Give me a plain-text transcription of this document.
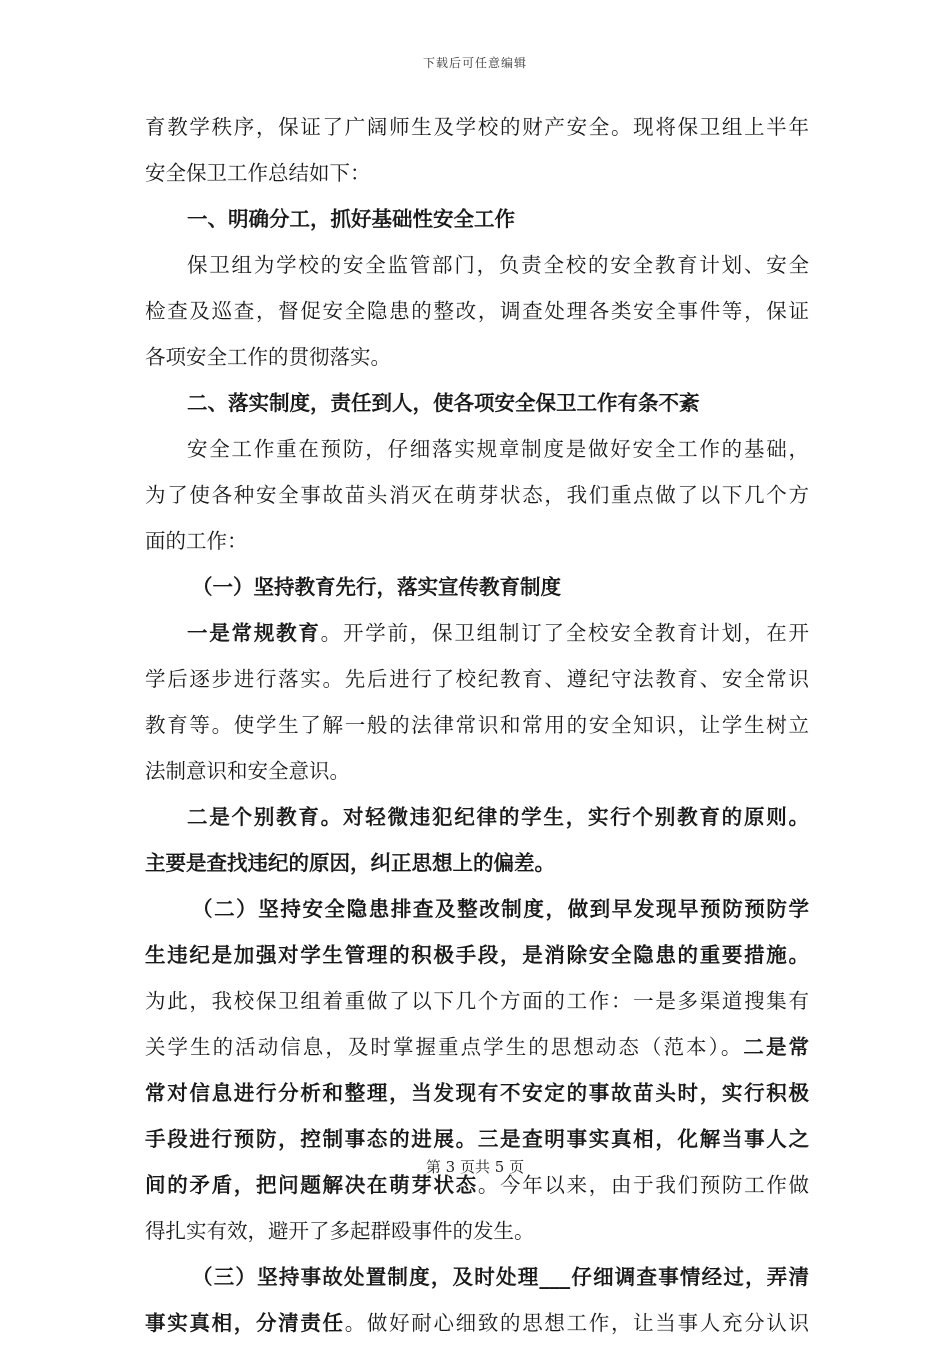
下载后可任意编辑
育教学秩序，保证了广阔师生及学校的财产安全。现将保卫组上半年
安全保卫工作总结如下：
一、明确分工，抓好基础性安全工作
保卫组为学校的安全监管部门，负责全校的安全教育计划、安全
检查及巡查，督促安全隐患的整改，调查处理各类安全事件等，保证
各项安全工作的贯彻落实。
二、落实制度，责任到人，使各项安全保卫工作有条不紊
安全工作重在预防，仔细落实规章制度是做好安全工作的基础，
为了使各种安全事故苗头消灭在萌芽状态，我们重点做了以下几个方
面的工作：
（一）坚持教育先行，落实宣传教育制度
一是常规教育。开学前，保卫组制订了全校安全教育计划，在开
学后逐步进行落实。先后进行了校纪教育、遵纪守法教育、安全常识
教育等。使学生了解一般的法律常识和常用的安全知识，让学生树立
法制意识和安全意识。
二是个别教育。对轻微违犯纪律的学生，实行个别教育的原则。
主要是查找违纪的原因，纠正思想上的偏差。
（二）坚持安全隐患排查及整改制度，做到早发现早预防预防学
生违纪是加强对学生管理的积极手段，是消除安全隐患的重要措施。
为此，我校保卫组着重做了以下几个方面的工作：一是多渠道搜集有
关学生的活动信息，及时掌握重点学生的思想动态（范本）。二是常
常对信息进行分析和整理，当发现有不安定的事故苗头时，实行积极
手段进行预防，控制事态的进展。三是查明事实真相，化解当事人之
间的矛盾，把问题解决在萌芽状态。今年以来，由于我们预防工作做
得扎实有效，避开了多起群殴事件的发生。
（三）坚持事故处置制度，及时处理___仔细调查事情经过，弄清
事实真相，分清责任。做好耐心细致的思想工作，让当事人充分认识
第 3 页共 5 页
